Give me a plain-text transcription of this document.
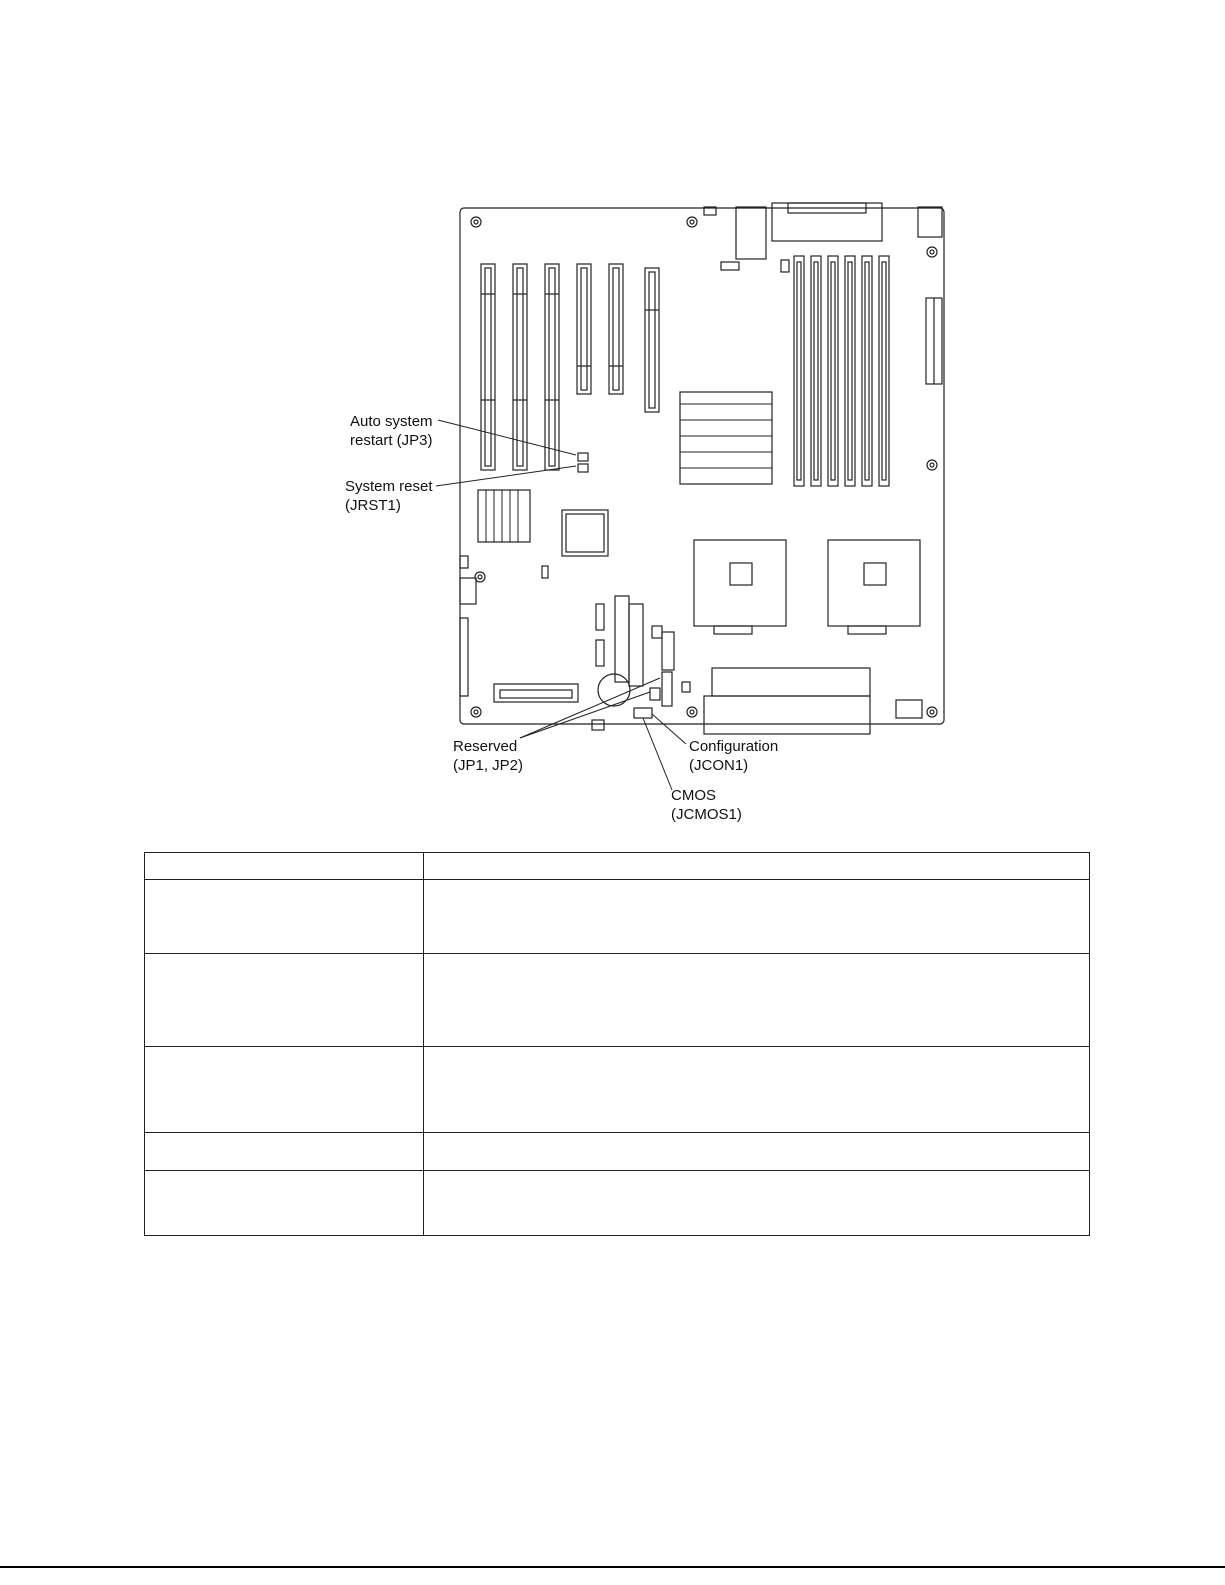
Auto system
restart (JP3)
System reset
(JRST1)
Reserved
(JP1, JP2)
Configuration
(JCON1)
CMOS
(JCMOS1)
